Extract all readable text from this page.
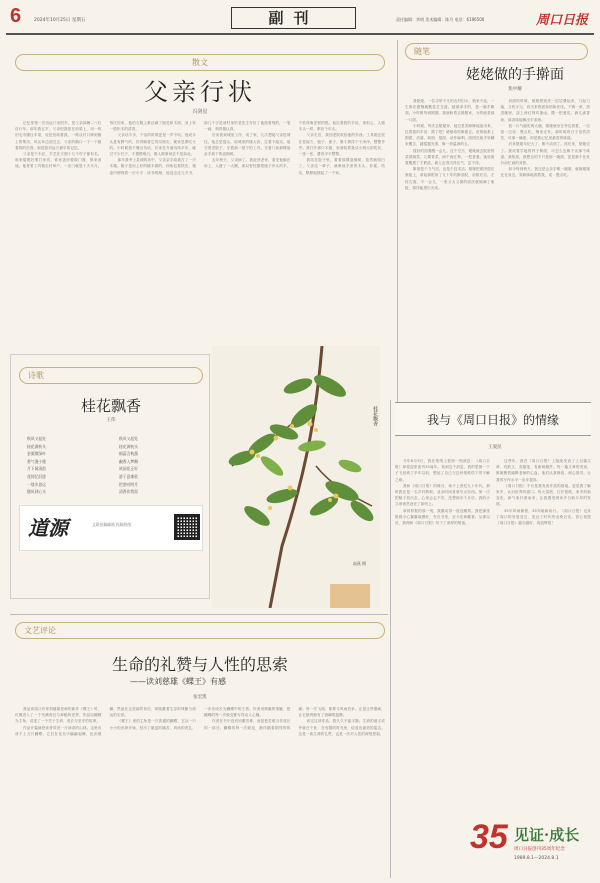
6	2024年10月25日 星期五	副刊	责任编辑：李明 美术编辑：陈月 电话：6196500	周口日报
散文
父亲行状
冯剑星

记忆里第一次出远门坐的车，是父亲那辆二八杠自行车。那年我五岁，父亲把我放在前梁上，用一块旧毛巾缠住车梁，说是怕硌着我。一路从村口骑到镇上的集市，风从耳边刮过去，父亲的胸口一下一下碰着我的后背，那是我对远方最早的记忆。

父亲是个木匠，手艺在方圆十几个村子都有名。谁家娶媳妇要打家具，谁家盖房要做门窗，都来请他。他背着工具箱走村串户，一出门就是十天半月。每次回来，他的衣服上都沾满了刨花和木屑，身上有一股松木的清香。

父亲话不多，干活的时候更是一声不吭。他说木头是有脾气的，你得顺着它的纹理走，硬来是要吃亏的。小时候我不懂这句话，后来在外面闯荡多年，碰过不少钉子，才慢慢明白，做人做事何尝不是如此。

那年我考上县城的高中，父亲亲手给我打了一只木箱。箱子是用上好的榆木做的，四角包着铁皮，箱盖内侧刻着一行小字：读书明理。他没念过几天书，那几个字是请村里的老先生写好了他照着刻的，一笔一画，刻得极认真。

后来我到城里工作，成了家，几次想接父亲进城住。他总是摇头，说城里的楼太高，住着不踏实。他守着老院子，守着那一屋子的工具，守着门前那棵他亲手栽下的泡桐树。

去年秋天，父亲病了。我赶回老家，看见他躺在床上，人瘦了一大圈，那双曾经握着刨子斧头的手，干枯得像老树的根。他拉着我的手说，别担心，人跟木头一样，都有个年头。

父亲走后，我回老院收拾他的东西。工具箱还放在老地方，刨子、凿子、墨斗擦得干干净净，整整齐齐。我打开那只木箱，里面装着我从小到大的奖状，一张一张，叠得平平整整。

我站在院子里，看着那棵泡桐树，忽然就明白了，父亲这一辈子，就像他手里的木头，朴素、结实，默默地撑起了一个家。

随笔
姥姥做的手擀面
焦中耀

我姥姥，一位寻常不凡的农村妇女，娘家不远，一生都在跟锅碗瓢盆打交道。她最拿手的，是一碗手擀面。小时候每到假期，我就盼着去姥姥家，为的就是那一口面。

小时候，每次去姥姥家，她总是笑眯眯地迎出来，拉着我的手说：饿了吧？姥姥给你擀面去。说着就系上围裙，舀面、和面、揉面，动作麻利。面团在她手里翻来覆去，越揉越光滑，像一块温润的玉。

揉好的面要醒一会儿。这个空当，姥姥就去院里的菜园摘菜，几棵青菜，两个西红柿，一把香葱。她说面要醒透了才筋道，做人也得沉得住气，急不得。

擀面是个力气活，也是个技术活。姥姥把面团放在案板上，拿起那根用了几十年的擀面杖，前推后拉，左转右旋，不一会儿，一张又大又薄的面皮就铺满了案板，薄得能透出光来。

切面的时候，姥姥把面皮一层层叠起来，刀起刀落，又快又匀，切出来的面条细如丝线。下锅一滚，捞进碗里，浇上西红柿鸡蛋卤，撒一把葱花，滴几滴香油，那香味能飘出半条街。

我一口气能吃两大碗，姥姥就坐在旁边看着，一边看一边说：慢点吃，锅里还有。那时候的日子虽然清苦，可那一碗面，却是我记忆里最香的味道。

后来姥姥年纪大了，擀不动面了。再后来，姥姥走了。我试着学她的样子擀面，可怎么也擀不出那个味道。我知道，我想念的不只是那一碗面，更是那个在灶台前忙碌的身影。

如今每到秋天，我还是会亲手擀一碗面，就像姥姥还在身边，笑眯眯地看着我，说：慢点吃。

诗歌
桂花飘香
王伟
秋风又起处
桂花满枝头
金粟缀绿叶
香气漫小楼
月下闻清韵
花间忆旧游
一缕乡思远
随风到心头
秋风又起处
桂花满枝头
细蕊含秋露
幽香入梦稠
故园花正好
游子意难收
把酒对明月
清香伴我留
道源	文联投稿邮箱 投稿热线
桂花飘香
高燕 摄
我与《周口日报》的情缘
王爱民

今年8月5日，我在报纸上看到一则消息：《周口日报》即将迎来创刊35周年。看到这个消息，我的思绪一下子飞回到了多年以前，想起了自己与这份报纸结下的不解之缘。

我和《周口日报》的缘分，始于上世纪九十年代。那时我还是一名乡村教师，业余时间喜欢写点东西。第一次把稿子投出去，心里忐忑不安，没想到半个月后，我的小文章竟然登在了副刊上。

拿到样报的那一刻，我激动得一夜没睡着。我把那张报纸小心翼翼地叠好，夹在书里，至今还珍藏着。从那以后，我便和《周口日报》结下了深厚的情谊。

这些年，我在《周口日报》上陆续发表了上百篇文章，有散文、有随笔、有新闻稿件。每一篇文章的发表，都凝聚着编辑老师的心血。他们认真修改，耐心指导，让我的写作水平一步步提高。

《周口日报》不仅是我发表作品的园地，更是我了解家乡、认识世界的窗口。每天清晨，打开报纸，家乡的新变化、新气象扑面而来，让我感受到家乡日新月异的发展。

35年风雨兼程，35年砥砺前行。《周口日报》记录了周口的发展变迁，见证了时代的沧桑巨变。衷心祝愿《周口日报》越办越好，再创辉煌！

文艺评论
生命的礼赞与人性的思索
——读刘慈雄《蝶王》有感
张宏凯

我品读周口作家刘慈雄老师的新作《蝶王》时，仿佛进入了一个充满奇幻与神秘的世界，作品以蝴蝶为主角，讲述了一个关于生命、成长与坚守的故事。

作品开篇就把读者带进一片神奇的山林。这里有成千上万只蝴蝶，它们在花丛中翩翩起舞，色彩斑斓。然而在这美丽的背后，却隐藏着生存的残酷与命运的无常。

《蝶王》里的主角是一只普通的蝴蝶，它从一只小小的虫卵开始，经历了破茧的痛苦、风雨的洗礼，一步步成长为蝴蝶中的王者。作者用细腻的笔触，把蝴蝶的每一次蜕变都写得动人心魄。

作者在书中没有回避苦难，而是把苦难当作成长的一部分。蝴蝶的每一次蜕变，都伴随着剧烈的疼痛；每一次飞翔，都要与风雨抗争。正是这些磨砺，让它最终拥有了斑斓的翅膀。

读完这部作品，我久久不能平静。生命的意义或许就在于此：在有限的时光里，绽放出最美的姿态。这是一曲生命的礼赞，也是一次对人性的深刻思索。

35 见证·成长
周口日报创刊35周年纪念
1989.8.1—2024.8.1
